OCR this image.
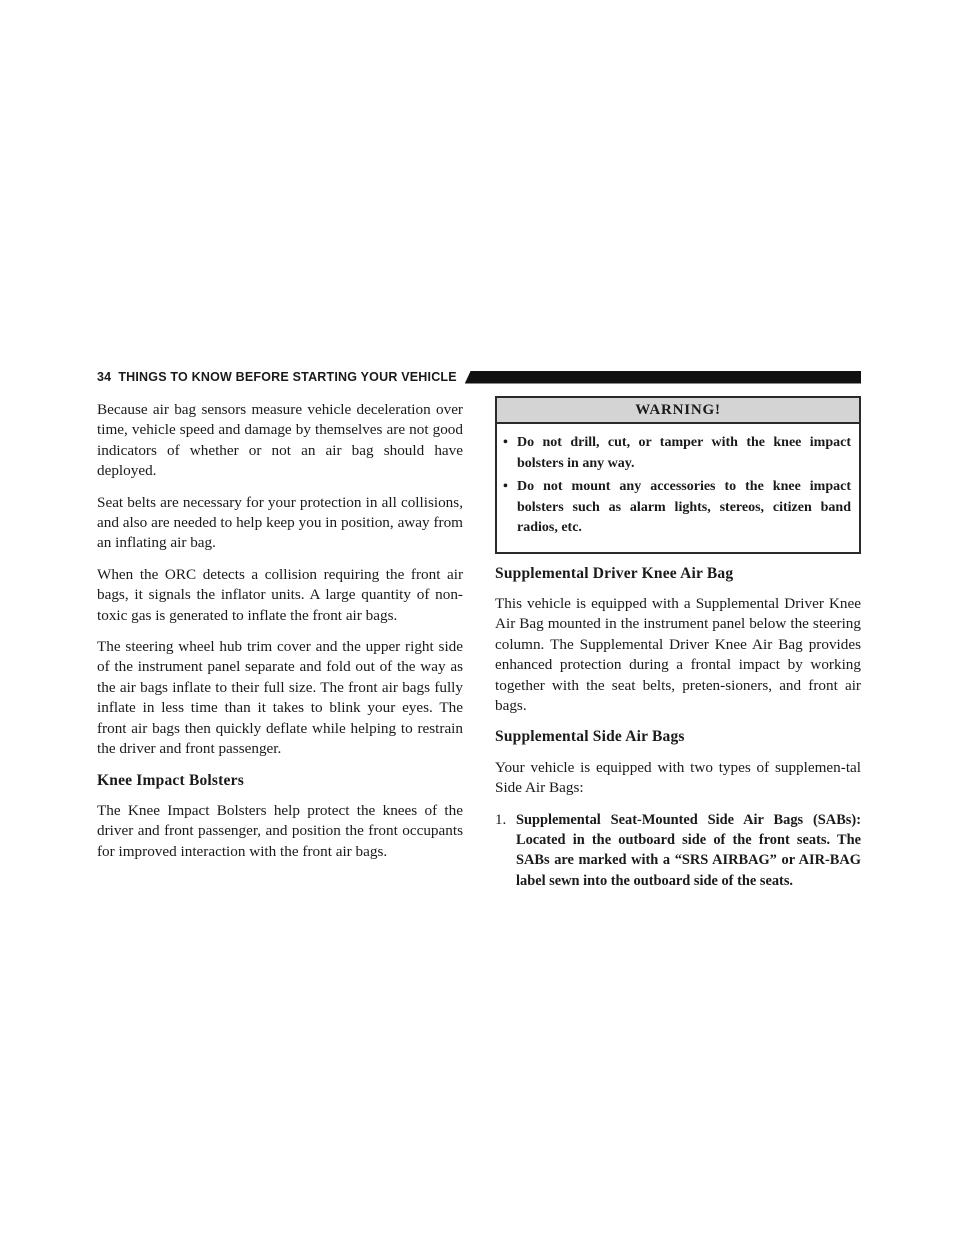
34 THINGS TO KNOW BEFORE STARTING YOUR VEHICLE

Because air bag sensors measure vehicle deceleration over time, vehicle speed and damage by themselves are not good indicators of whether or not an air bag should have deployed.

Seat belts are necessary for your protection in all collisions, and also are needed to help keep you in position, away from an inflating air bag.

When the ORC detects a collision requiring the front air bags, it signals the inflator units. A large quantity of non-toxic gas is generated to inflate the front air bags.

The steering wheel hub trim cover and the upper right side of the instrument panel separate and fold out of the way as the air bags inflate to their full size. The front air bags fully inflate in less time than it takes to blink your eyes. The front air bags then quickly deflate while helping to restrain the driver and front passenger.

Knee Impact Bolsters

The Knee Impact Bolsters help protect the knees of the driver and front passenger, and position the front occupants for improved interaction with the front air bags.

WARNING!
• Do not drill, cut, or tamper with the knee impact bolsters in any way.
• Do not mount any accessories to the knee impact bolsters such as alarm lights, stereos, citizen band radios, etc.
Supplemental Driver Knee Air Bag

This vehicle is equipped with a Supplemental Driver Knee Air Bag mounted in the instrument panel below the steering column. The Supplemental Driver Knee Air Bag provides enhanced protection during a frontal impact by working together with the seat belts, preten-sioners, and front air bags.

Supplemental Side Air Bags

Your vehicle is equipped with two types of supplemen-tal Side Air Bags:

1. Supplemental Seat-Mounted Side Air Bags (SABs): Located in the outboard side of the front seats. The SABs are marked with a “SRS AIRBAG” or AIR-BAG label sewn into the outboard side of the seats.
